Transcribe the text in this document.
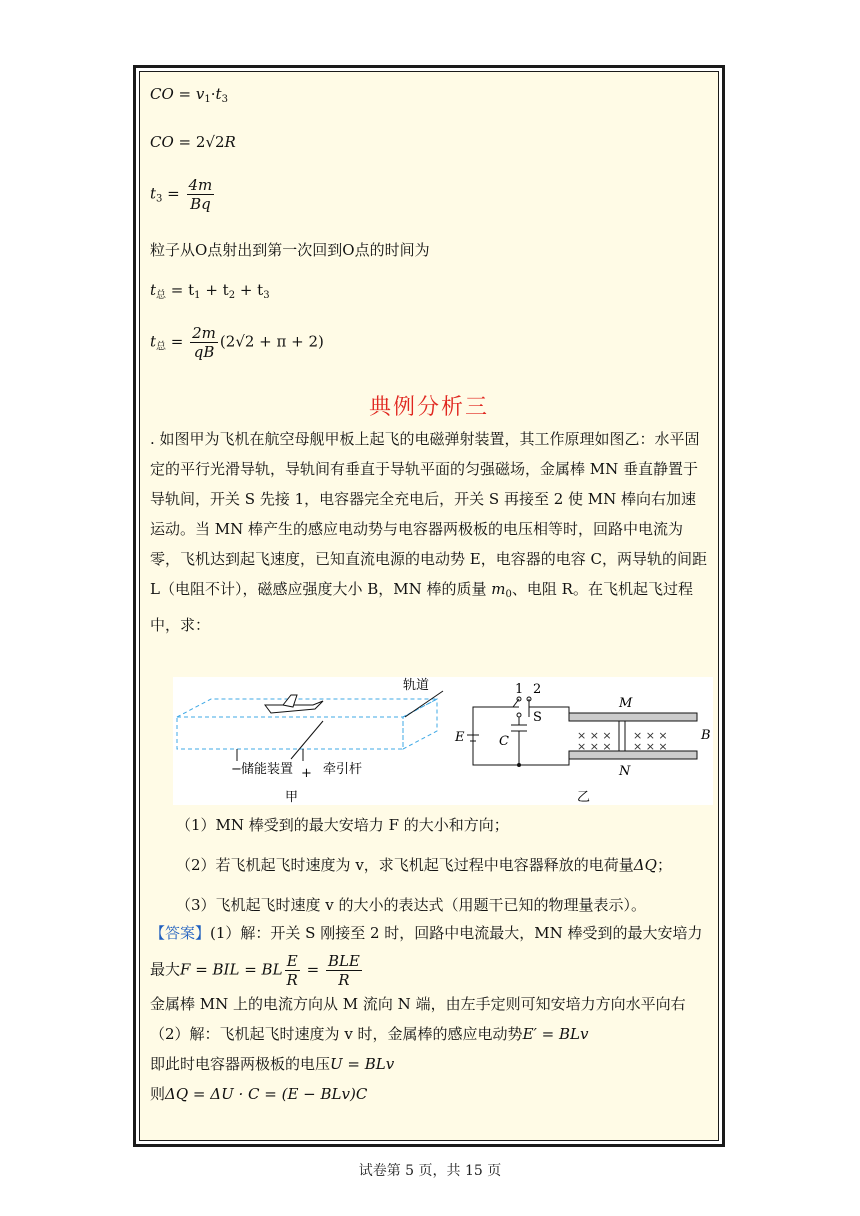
CO = $v_1\cdot t_3$
CO = 2√2R
$t_3 = \frac{4m}{Bq}$
粒子从O点射出到第一次回到O点的时间为
$t_总 = t_1 + t_2 + t_3$
$t_总 = \frac{2m}{qB} (2√2 + \pi + 2)$
典例分析三

. 如图甲为飞机在航空母舰甲板上起飞的电磁弹射装置，其工作原理如图乙：水平固定的平行光滑导轨，导轨间有垂直于导轨平面的匀强磁场，金属棒 MN 垂直静置于导轨间，开关 S 先接 1，电容器完全充电后，开关 S 再接至 2 使 MN 棒向右加速运动。当 MN 棒产生的感应电动势与电容器两极板的电压相等时，回路中电流为零，飞机达到起飞速度，已知直流电源的电动势 E，电容器的电容 C，两导轨的间距 L（电阻不计），磁感应强度大小 B，MN 棒的质量 $m_0$、电阻 R。在飞机起飞过程中，求：

轨道
− 储能装置 + 牵引杆
甲
× × ×
× × ×
× × ×
× × ×
1 2
S
E	C
M
N
B
乙

（1）MN 棒受到的最大安培力 F 的大小和方向；

（2）若飞机起飞时速度为 v，求飞机起飞过程中电容器释放的电荷量ΔQ；

（3）飞机起飞时速度 v 的大小的表达式（用题干已知的物理量表示）。

【答案】(1）解：开关 S 刚接至 2 时，回路中电流最大，MN 棒受到的最大安培力

最大F = BIL = BL $\frac{E}{R} = \frac{\text{BLE}}{R}$

金属棒 MN 上的电流方向从 M 流向 N 端，由左手定则可知安培力方向水平向右

（2）解：飞机起飞时速度为 v 时，金属棒的感应电动势E′ = BLv

即此时电容器两极板的电压U = BLv

则ΔQ = ΔU · C = (E − BLv)C

试卷第 5 页，共 15 页
